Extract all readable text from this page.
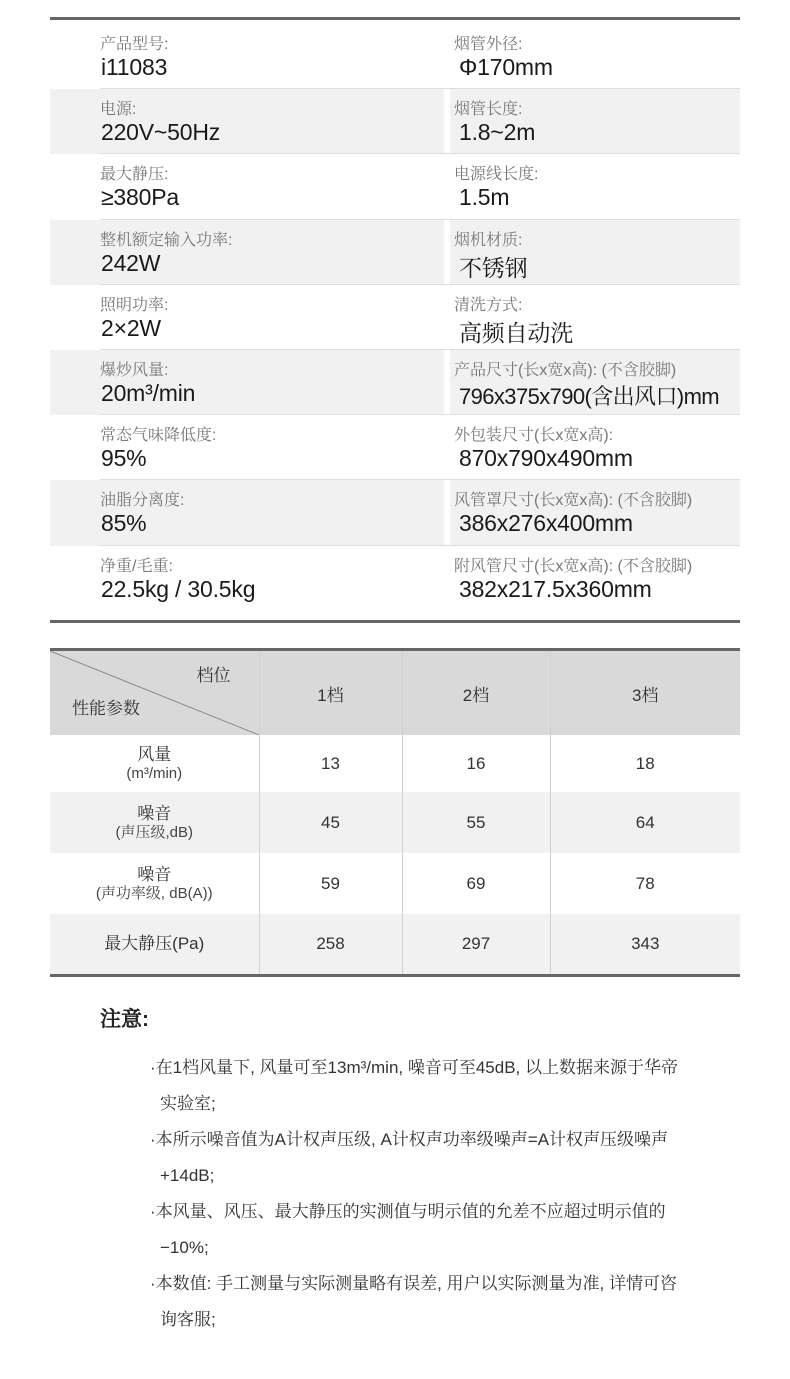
产品型号:
i11083
烟管外径:
Φ170mm
电源:
220V~50Hz
烟管长度:
1.8~2m
最大静压:
≥380Pa
电源线长度:
1.5m
整机额定输入功率:
242W
烟机材质:
不锈钢
照明功率:
2×2W
清洗方式:
高频自动洗
爆炒风量:
20m³/min
产品尺寸(长x宽x高): (不含胶脚)
796x375x790(含出风口)mm
常态气味降低度:
95%
外包装尺寸(长x宽x高):
870x790x490mm
油脂分离度:
85%
风管罩尺寸(长x宽x高): (不含胶脚)
386x276x400mm
净重/毛重:
22.5kg / 30.5kg
附风管尺寸(长x宽x高): (不含胶脚)
382x217.5x360mm
档位
性能参数	1档	2档	3档

风量
(m³/min)	13	16	18

噪音
(声压级,dB)	45	55	64

噪音
(声功率级, dB(A))	59	69	78

最大静压(Pa)	258	297	343
注意:
·在1档风量下, 风量可至13m³/min, 噪音可至45dB, 以上数据来源于华帝实验室;
·本所示噪音值为A计权声压级, A计权声功率级噪声=A计权声压级噪声+14dB;
·本风量、风压、最大静压的实测值与明示值的允差不应超过明示值的−10%;
·本数值: 手工测量与实际测量略有误差, 用户以实际测量为准, 详情可咨询客服;
